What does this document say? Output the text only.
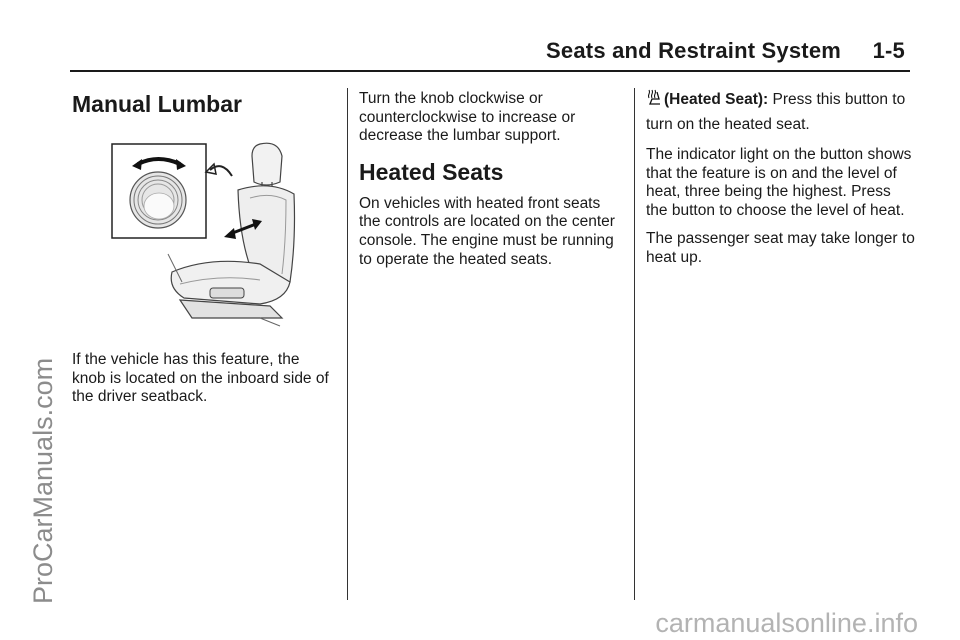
Seats and Restraint System     1-5
ProCarManuals.com
carmanualsonline.info
Manual Lumbar

If the vehicle has this feature, the knob is located on the inboard side of the driver seatback.

Turn the knob clockwise or counterclockwise to increase or decrease the lumbar support.

Heated Seats

On vehicles with heated front seats the controls are located on the center console. The engine must be running to operate the heated seats.

(Heated Seat): Press this button to turn on the heated seat.

The indicator light on the button shows that the feature is on and the level of heat, three being the highest. Press the button to choose the level of heat.

The passenger seat may take longer to heat up.
